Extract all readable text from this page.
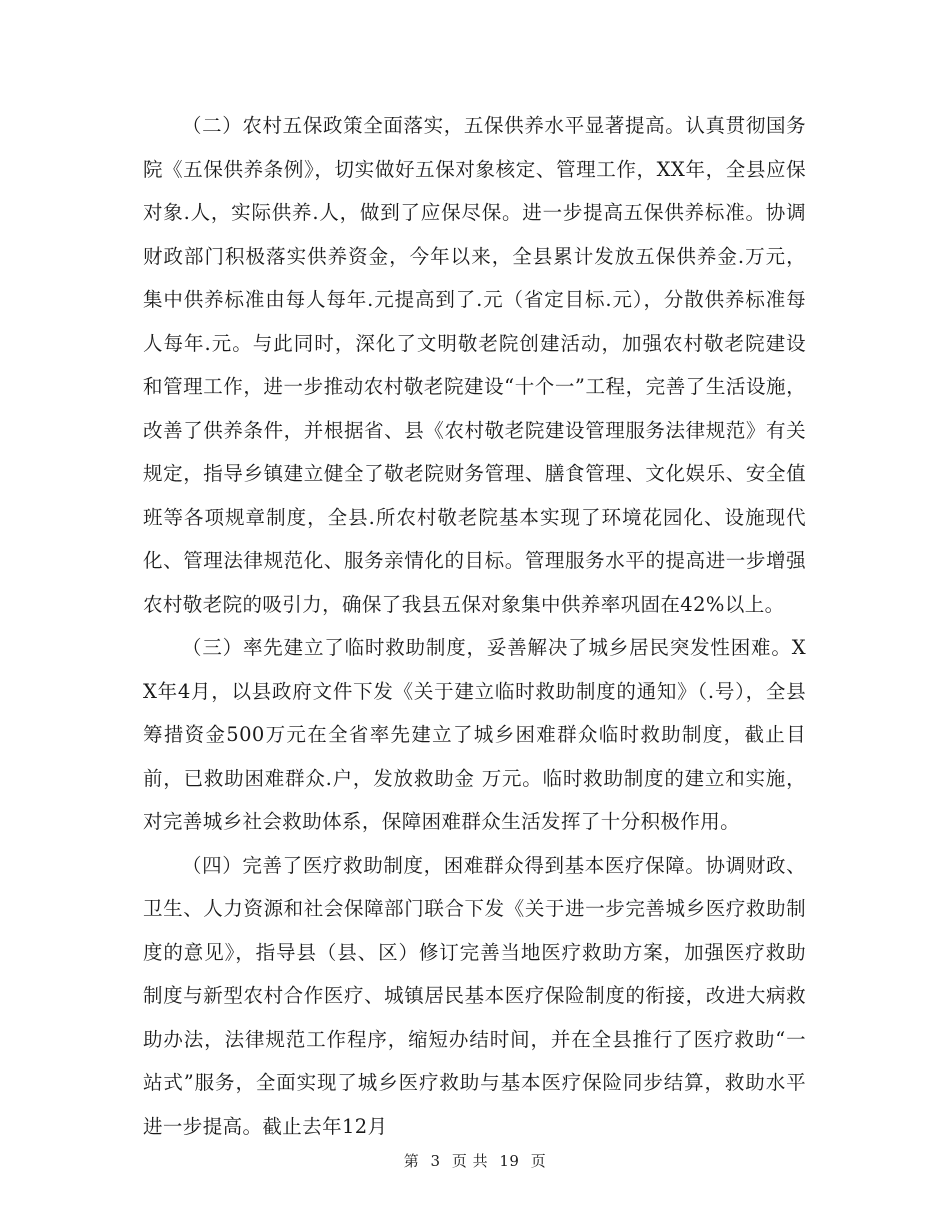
（二）农村五保政策全面落实，五保供养水平显著提高。认真贯彻国务院《五保供养条例》，切实做好五保对象核定、管理工作，XX年，全县应保对象.人，实际供养.人，做到了应保尽保。进一步提高五保供养标准。协调财政部门积极落实供养资金，今年以来，全县累计发放五保供养金.万元，集中供养标准由每人每年.元提高到了.元（省定目标.元），分散供养标准每人每年.元。与此同时，深化了文明敬老院创建活动，加强农村敬老院建设和管理工作，进一步推动农村敬老院建设“十个一”工程，完善了生活设施，改善了供养条件，并根据省、县《农村敬老院建设管理服务法律规范》有关规定，指导乡镇建立健全了敬老院财务管理、膳食管理、文化娱乐、安全值班等各项规章制度，全县.所农村敬老院基本实现了环境花园化、设施现代化、管理法律规范化、服务亲情化的目标。管理服务水平的提高进一步增强农村敬老院的吸引力，确保了我县五保对象集中供养率巩固在42%以上。

（三）率先建立了临时救助制度，妥善解决了城乡居民突发性困难。XX年4月，以县政府文件下发《关于建立临时救助制度的通知》（.号），全县筹措资金500万元在全省率先建立了城乡困难群众临时救助制度，截止目前，已救助困难群众.户，发放救助金 万元。临时救助制度的建立和实施，对完善城乡社会救助体系，保障困难群众生活发挥了十分积极作用。

（四）完善了医疗救助制度，困难群众得到基本医疗保障。协调财政、卫生、人力资源和社会保障部门联合下发《关于进一步完善城乡医疗救助制度的意见》，指导县（县、区）修订完善当地医疗救助方案，加强医疗救助制度与新型农村合作医疗、城镇居民基本医疗保险制度的衔接，改进大病救助办法，法律规范工作程序，缩短办结时间，并在全县推行了医疗救助“一站式”服务，全面实现了城乡医疗救助与基本医疗保险同步结算，救助水平进一步提高。截止去年12月

第 3 页 共 19 页
